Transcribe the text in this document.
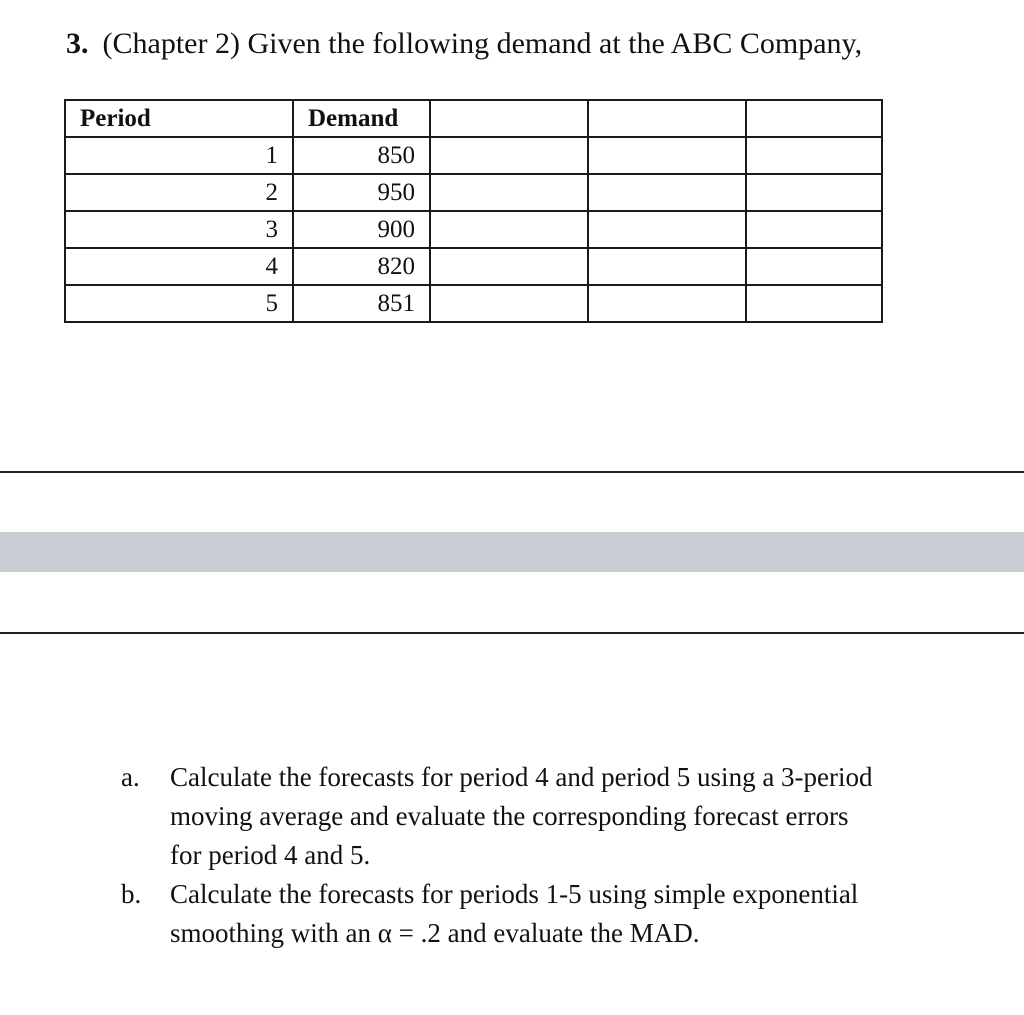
3. (Chapter 2) Given the following demand at the ABC Company,
Period	Demand			
1	850			
2	950			
3	900			
4	820			
5	851			
a. Calculate the forecasts for period 4 and period 5 using a 3-period moving average and evaluate the corresponding forecast errors for period 4 and 5.
b. Calculate the forecasts for periods 1-5 using simple exponential smoothing with an α = .2 and evaluate the MAD.
